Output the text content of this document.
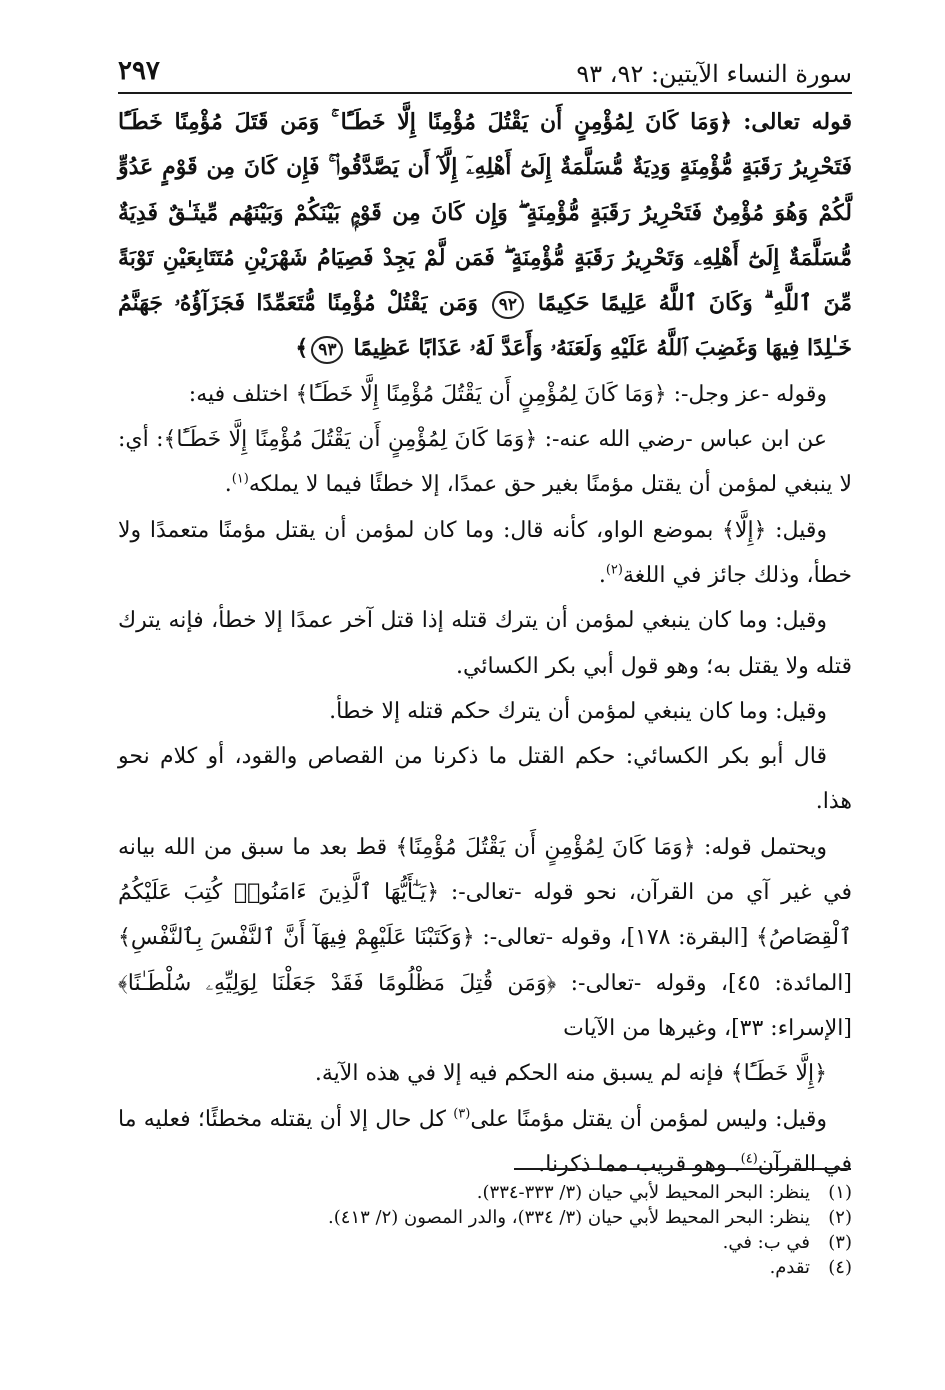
سورة النساء الآيتين: ٩٢، ٩٣
٢٩٧

قوله تعالى: ﴿وَمَا كَانَ لِمُؤْمِنٍ أَن يَقْتُلَ مُؤْمِنًا إِلَّا خَطَـًٔا ۚ وَمَن قَتَلَ مُؤْمِنًا خَطَـًٔا فَتَحْرِيرُ رَقَبَةٍ مُّؤْمِنَةٍ وَدِيَةٌ مُّسَلَّمَةٌ إِلَىٰٓ أَهْلِهِۦٓ إِلَّآ أَن يَصَّدَّقُوا۟ ۚ فَإِن كَانَ مِن قَوْمٍ عَدُوٍّ لَّكُمْ وَهُوَ مُؤْمِنٌ فَتَحْرِيرُ رَقَبَةٍ مُّؤْمِنَةٍ ۖ وَإِن كَانَ مِن قَوْمٍۭ بَيْنَكُمْ وَبَيْنَهُم مِّيثَـٰقٌ فَدِيَةٌ مُّسَلَّمَةٌ إِلَىٰٓ أَهْلِهِۦ وَتَحْرِيرُ رَقَبَةٍ مُّؤْمِنَةٍ ۖ فَمَن لَّمْ يَجِدْ فَصِيَامُ شَهْرَيْنِ مُتَتَابِعَيْنِ تَوْبَةً مِّنَ ٱللَّهِ ۗ وَكَانَ ٱللَّهُ عَلِيمًا حَكِيمًا ٩٢ وَمَن يَقْتُلْ مُؤْمِنًا مُّتَعَمِّدًا فَجَزَآؤُهُۥ جَهَنَّمُ خَـٰلِدًا فِيهَا وَغَضِبَ ٱللَّهُ عَلَيْهِ وَلَعَنَهُۥ وَأَعَدَّ لَهُۥ عَذَابًا عَظِيمًا ٩٣﴾

وقوله -عز وجل-: ﴿وَمَا كَانَ لِمُؤْمِنٍ أَن يَقْتُلَ مُؤْمِنًا إِلَّا خَطَـًٔا﴾ اختلف فيه:

عن ابن عباس -رضي الله عنه-: ﴿وَمَا كَانَ لِمُؤْمِنٍ أَن يَقْتُلَ مُؤْمِنًا إِلَّا خَطَـًٔا﴾: أي: لا ينبغي لمؤمن أن يقتل مؤمنًا بغير حق عمدًا، إلا خطئًا فيما لا يملكه$^{(١)}$.

وقيل: ﴿إِلَّا﴾ بموضع الواو، كأنه قال: وما كان لمؤمن أن يقتل مؤمنًا متعمدًا ولا خطأ، وذلك جائز في اللغة$^{(٢)}$.

وقيل: وما كان ينبغي لمؤمن أن يترك قتله إذا قتل آخر عمدًا إلا خطأ، فإنه يترك قتله ولا يقتل به؛ وهو قول أبي بكر الكسائي.

وقيل: وما كان ينبغي لمؤمن أن يترك حكم قتله إلا خطأ.

قال أبو بكر الكسائي: حكم القتل ما ذكرنا من القصاص والقود، أو كلام نحو هذا.

ويحتمل قوله: ﴿وَمَا كَانَ لِمُؤْمِنٍ أَن يَقْتُلَ مُؤْمِنًا﴾ قط بعد ما سبق من الله بيانه في غير آي من القرآن، نحو قوله -تعالى-: ﴿يَـٰٓأَيُّهَا ٱلَّذِينَ ءَامَنُوا۟ كُتِبَ عَلَيْكُمُ ٱلْقِصَاصُ﴾ [البقرة: ١٧٨]، وقوله -تعالى-: ﴿وَكَتَبْنَا عَلَيْهِمْ فِيهَآ أَنَّ ٱلنَّفْسَ بِٱلنَّفْسِ﴾ [المائدة: ٤٥]، وقوله -تعالى-: ﴿وَمَن قُتِلَ مَظْلُومًا فَقَدْ جَعَلْنَا لِوَلِيِّهِۦ سُلْطَـٰنًا﴾ [الإسراء: ٣٣]، وغيرها من الآيات

﴿إِلَّا خَطَـًٔا﴾ فإنه لم يسبق منه الحكم فيه إلا في هذه الآية.

وقيل: وليس لمؤمن أن يقتل مؤمنًا على$^{(٣)}$ كل حال إلا أن يقتله مخطئًا؛ فعليه ما في القرآن$^{(٤)}$. وهو قريب مما ذكرنا.

(١)ينظر: البحر المحيط لأبي حيان (٣/ ٣٣٣-٣٣٤).

(٢)ينظر: البحر المحيط لأبي حيان (٣/ ٣٣٤)، والدر المصون (٢/ ٤١٣).

(٣)في ب: في.

(٤)تقدم.
